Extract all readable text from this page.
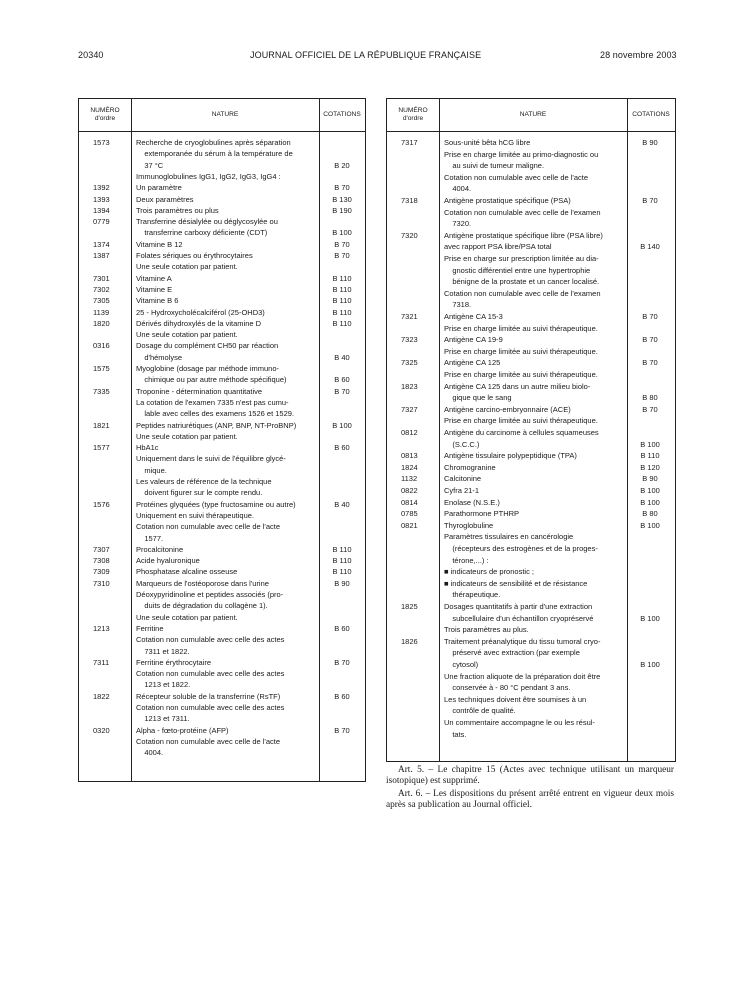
20340	JOURNAL OFFICIEL DE LA RÉPUBLIQUE FRANÇAISE	28 novembre 2003
NUMÉRO d'ordre
NATURE	COTATIONS
1573	Recherche de cryoglobulines après séparation
extemporanée du sérum à la température de
37 °C	B 20
Immunoglobulines IgG1, IgG2, IgG3, IgG4 :
1392	Un paramètre	B 70
1393	Deux paramètres	B 130
1394	Trois paramètres ou plus	B 190
0779	Transferrine désialylée ou déglycosylée ou
transferrine carboxy déficiente (CDT)	B 100
1374	Vitamine B 12	B 70
1387	Folates sériques ou érythrocytaires	B 70
Une seule cotation par patient.
7301	Vitamine A	B 110
7302	Vitamine E	B 110
7305	Vitamine B 6	B 110
1139	25 - Hydroxycholécalciférol (25-OHD3)	B 110
1820	Dérivés dihydroxylés de la vitamine D	B 110
Une seule cotation par patient.
0316	Dosage du complément CH50 par réaction
d'hémolyse	B 40
1575	Myoglobine (dosage par méthode immuno-
chimique ou par autre méthode spécifique)	B 60
7335	Troponine - détermination quantitative	B 70
La cotation de l'examen 7335 n'est pas cumu-
lable avec celles des examens 1526 et 1529.
1821	Peptides natriurétiques (ANP, BNP, NT-ProBNP)	B 100
Une seule cotation par patient.
1577	HbA1c	B 60
Uniquement dans le suivi de l'équilibre glycé-
mique.
Les valeurs de référence de la technique
doivent figurer sur le compte rendu.
1576	Protéines glyquées (type fructosamine ou autre)	B 40
Uniquement en suivi thérapeutique.
Cotation non cumulable avec celle de l'acte
1577.
7307	Procalcitonine	B 110
7308	Acide hyaluronique	B 110
7309	Phosphatase alcaline osseuse	B 110
7310	Marqueurs de l'ostéoporose dans l'urine	B 90
Déoxypyridinoline et peptides associés (pro-
duits de dégradation du collagène 1).
Une seule cotation par patient.
1213	Ferritine	B 60
Cotation non cumulable avec celle des actes
7311 et 1822.
7311	Ferritine érythrocytaire	B 70
Cotation non cumulable avec celle des actes
1213 et 1822.
1822	Récepteur soluble de la transferrine (RsTF)	B 60
Cotation non cumulable avec celle des actes
1213 et 7311.
0320	Alpha - fœto-protéine (AFP)	B 70
Cotation non cumulable avec celle de l'acte
4004.
NUMÉRO d'ordre
NATURE	COTATIONS
7317	Sous-unité bêta hCG libre	B 90
Prise en charge limitée au primo-diagnostic ou
au suivi de tumeur maligne.
Cotation non cumulable avec celle de l'acte
4004.
7318	Antigène prostatique spécifique (PSA)	B 70
Cotation non cumulable avec celle de l'examen
7320.
7320	Antigène prostatique spécifique libre (PSA libre)
avec rapport PSA libre/PSA total	B 140
Prise en charge sur prescription limitée au dia-
gnostic différentiel entre une hypertrophie
bénigne de la prostate et un cancer localisé.
Cotation non cumulable avec celle de l'examen
7318.
7321	Antigène CA 15-3	B 70
Prise en charge limitée au suivi thérapeutique.
7323	Antigène CA 19-9	B 70
Prise en charge limitée au suivi thérapeutique.
7325	Antigène CA 125	B 70
Prise en charge limitée au suivi thérapeutique.
1823	Antigène CA 125 dans un autre milieu biolo-
gique que le sang	B 80
7327	Antigène carcino-embryonnaire (ACE)	B 70
Prise en charge limitée au suivi thérapeutique.
0812	Antigène du carcinome à cellules squameuses
(S.C.C.)	B 100
0813	Antigène tissulaire polypeptidique (TPA)	B 110
1824	Chromogranine	B 120
1132	Calcitonine	B 90
0822	Cyfra 21-1	B 100
0814	Enolase (N.S.E.)	B 100
0785	Parathormone PTHRP	B 80
0821	Thyroglobuline	B 100
Paramètres tissulaires en cancérologie
(récepteurs des estrogènes et de la proges-
térone,...) :
■ indicateurs de pronostic ;
■ indicateurs de sensibilité et de résistance
thérapeutique.
1825	Dosages quantitatifs à partir d'une extraction
subcellulaire d'un échantillon cryopréservé	B 100
Trois paramètres au plus.
1826	Traitement préanalytique du tissu tumoral cryo-
préservé avec extraction (par exemple
cytosol)	B 100
Une fraction aliquote de la préparation doit être
conservée à - 80 °C pendant 3 ans.
Les techniques doivent être soumises à un
contrôle de qualité.
Un commentaire accompagne le ou les résul-
tats.
Art. 5. – Le chapitre 15 (Actes avec technique utilisant un marqueur isotopique) est supprimé.
Art. 6. – Les dispositions du présent arrêté entrent en vigueur deux mois après sa publication au Journal officiel.
